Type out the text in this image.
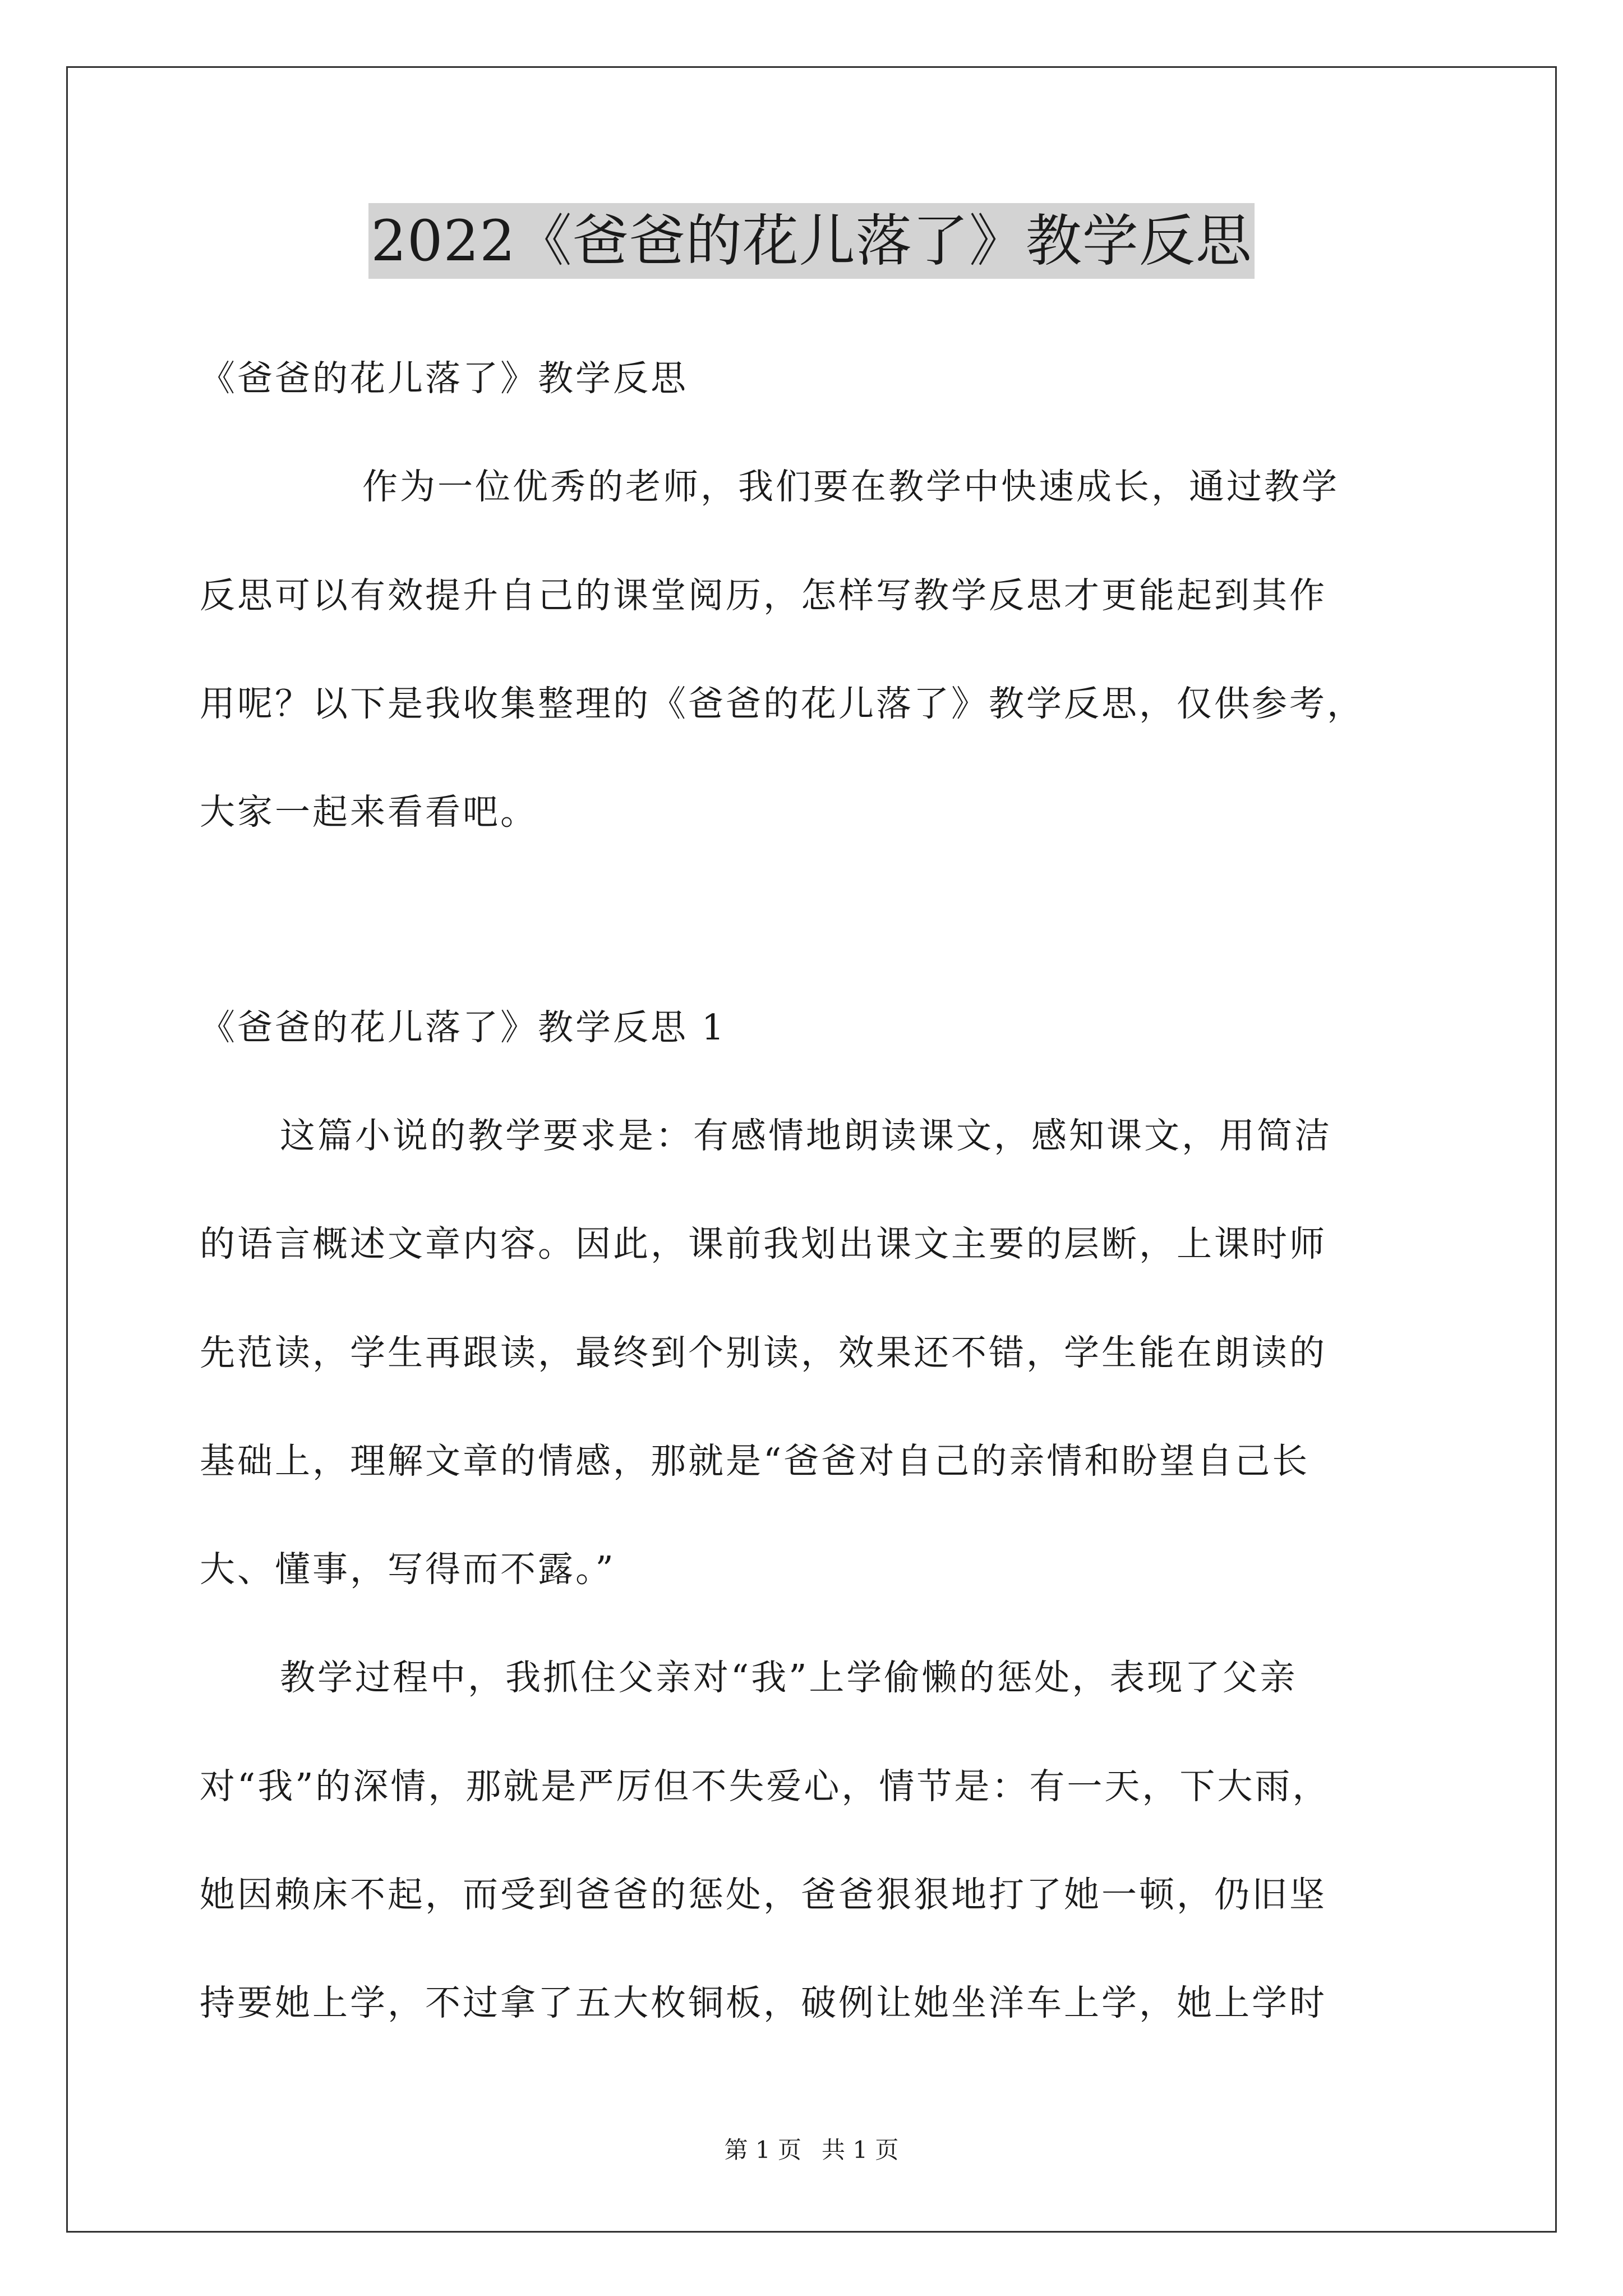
2022《爸爸的花儿落了》教学反思
《爸爸的花儿落了》教学反思
作为一位优秀的老师，我们要在教学中快速成长，通过教学
反思可以有效提升自己的课堂阅历，怎样写教学反思才更能起到其作
用呢？以下是我收集整理的《爸爸的花儿落了》教学反思，仅供参考，
大家一起来看看吧。
《爸爸的花儿落了》教学反思 1
这篇小说的教学要求是：有感情地朗读课文，感知课文，用简洁
的语言概述文章内容。因此，课前我划出课文主要的层断，上课时师
先范读，学生再跟读，最终到个别读，效果还不错，学生能在朗读的
基础上，理解文章的情感，那就是“爸爸对自己的亲情和盼望自己长
大、懂事，写得而不露。”
教学过程中，我抓住父亲对“我”上学偷懒的惩处，表现了父亲
对“我”的深情，那就是严厉但不失爱心，情节是：有一天，下大雨，
她因赖床不起，而受到爸爸的惩处，爸爸狠狠地打了她一顿，仍旧坚
持要她上学，不过拿了五大枚铜板，破例让她坐洋车上学，她上学时
第 1 页 共 1 页
